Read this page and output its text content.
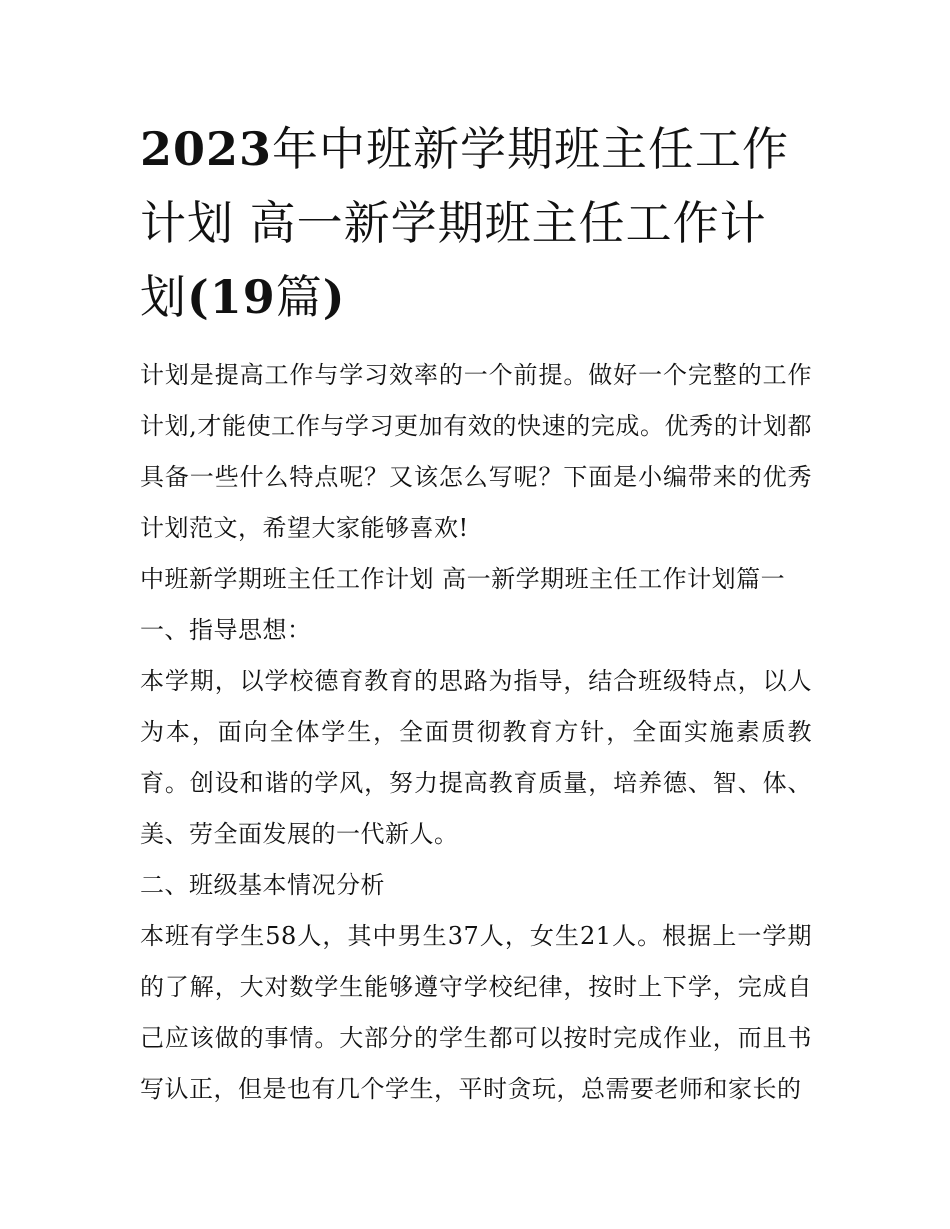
2023年中班新学期班主任工作计划 高一新学期班主任工作计划(19篇)

计划是提高工作与学习效率的一个前提。做好一个完整的工作计划,才能使工作与学习更加有效的快速的完成。优秀的计划都具备一些什么特点呢？又该怎么写呢？下面是小编带来的优秀计划范文，希望大家能够喜欢!

中班新学期班主任工作计划 高一新学期班主任工作计划篇一

一、指导思想：

本学期，以学校德育教育的思路为指导，结合班级特点，以人为本，面向全体学生，全面贯彻教育方针，全面实施素质教育。创设和谐的学风，努力提高教育质量，培养德、智、体、美、劳全面发展的一代新人。

二、班级基本情况分析

本班有学生58人，其中男生37人，女生21人。根据上一学期的了解，大对数学生能够遵守学校纪律，按时上下学，完成自己应该做的事情。大部分的学生都可以按时完成作业，而且书写认正，但是也有几个学生，平时贪玩，总需要老师和家长的
